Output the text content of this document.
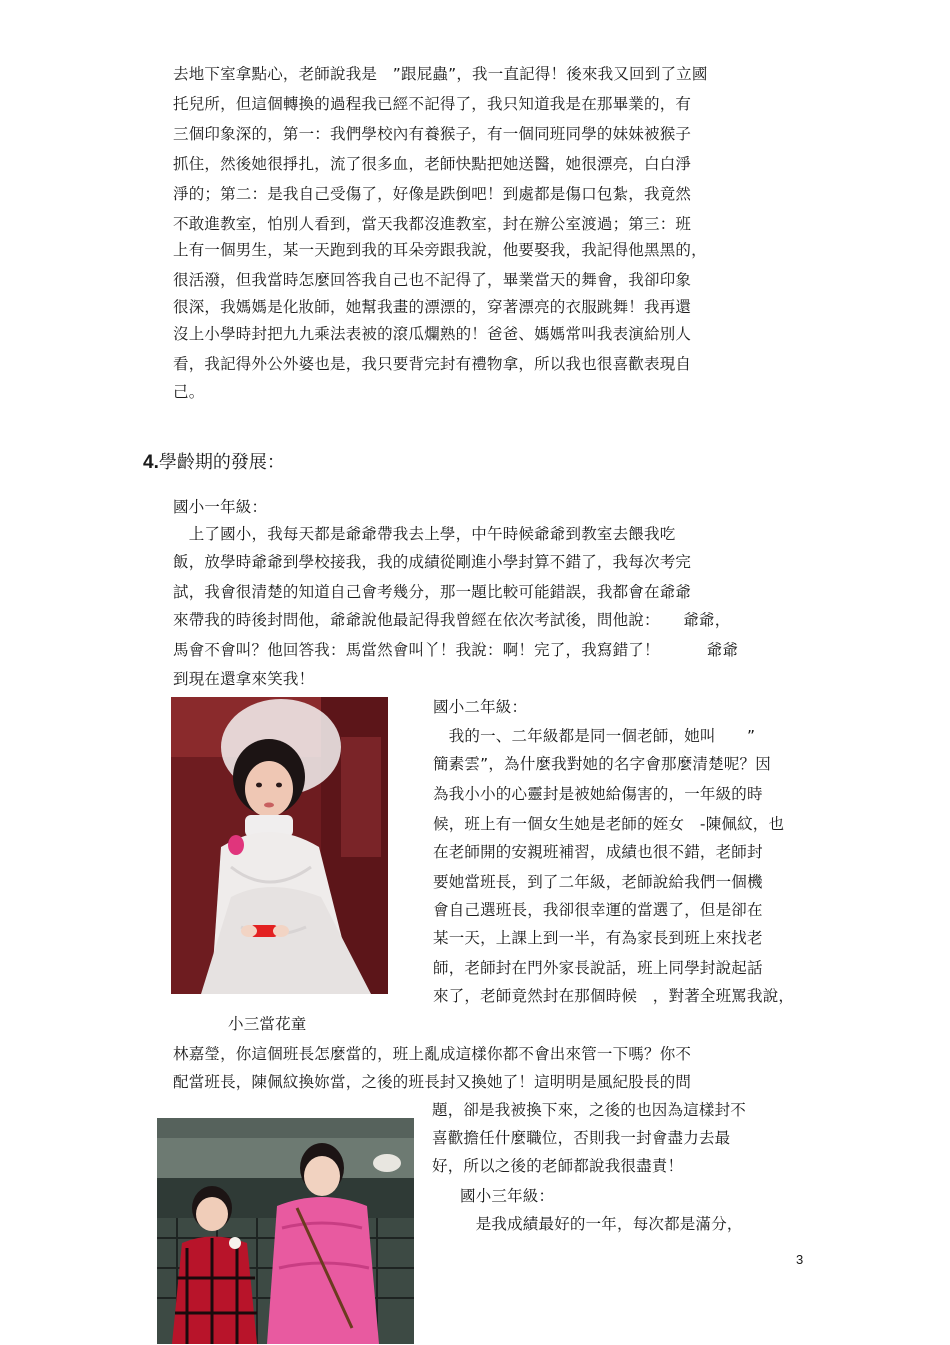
去地下室拿點心，老師說我是　”跟屁蟲”，我一直記得！後來我又回到了立國
托兒所，但這個轉換的過程我已經不記得了，我只知道我是在那畢業的，有
三個印象深的，第一：我們學校內有養猴子，有一個同班同學的妹妹被猴子
抓住，然後她很掙扎，流了很多血，老師快點把她送醫，她很漂亮，白白淨
淨的；第二：是我自己受傷了，好像是跌倒吧！到處都是傷口包紮，我竟然
不敢進教室，怕別人看到，當天我都沒進教室，封在辦公室渡過；第三：班
上有一個男生，某一天跑到我的耳朵旁跟我說，他要娶我，我記得他黑黑的，
很活潑，但我當時怎麼回答我自己也不記得了，畢業當天的舞會，我卻印象
很深，我媽媽是化妝師，她幫我畫的漂漂的，穿著漂亮的衣服跳舞！我再還
沒上小學時封把九九乘法表被的滾瓜爛熟的！爸爸、媽媽常叫我表演給別人
看，我記得外公外婆也是，我只要背完封有禮物拿，所以我也很喜歡表現自
己。
4.學齡期的發展：
國小一年級：
　上了國小，我每天都是爺爺帶我去上學，中午時候爺爺到教室去餵我吃
飯，放學時爺爺到學校接我，我的成績從剛進小學封算不錯了，我每次考完
試，我會很清楚的知道自己會考幾分，那一題比較可能錯誤，我都會在爺爺
來帶我的時後封問他，爺爺說他最記得我曾經在依次考試後，問他說：　　爺爺，
馬會不會叫？他回答我：馬當然會叫丫！我說：啊！完了，我寫錯了！　　　爺爺
到現在還拿來笑我！
國小二年級：
　我的一、二年級都是同一個老師，她叫　　”
簡素雲”，為什麼我對她的名字會那麼清楚呢？因
為我小小的心靈封是被她給傷害的，一年級的時
候，班上有一個女生她是老師的姪女　-陳佩紋，也
在老師開的安親班補習，成績也很不錯，老師封
要她當班長，到了二年級，老師說給我們一個機
會自己選班長，我卻很幸運的當選了，但是卻在
某一天，上課上到一半，有為家長到班上來找老
師，老師封在門外家長說話，班上同學封說起話
來了，老師竟然封在那個時候　，對著全班罵我說，
小三當花童
林嘉瑩，你這個班長怎麼當的，班上亂成這樣你都不會出來管一下嗎？你不
配當班長，陳佩紋換妳當，之後的班長封又換她了！這明明是風紀股長的問
題，卻是我被換下來，之後的也因為這樣封不
喜歡擔任什麼職位，否則我一封會盡力去最
好，所以之後的老師都說我很盡責！
國小三年級：
　是我成績最好的一年，每次都是滿分，
3
